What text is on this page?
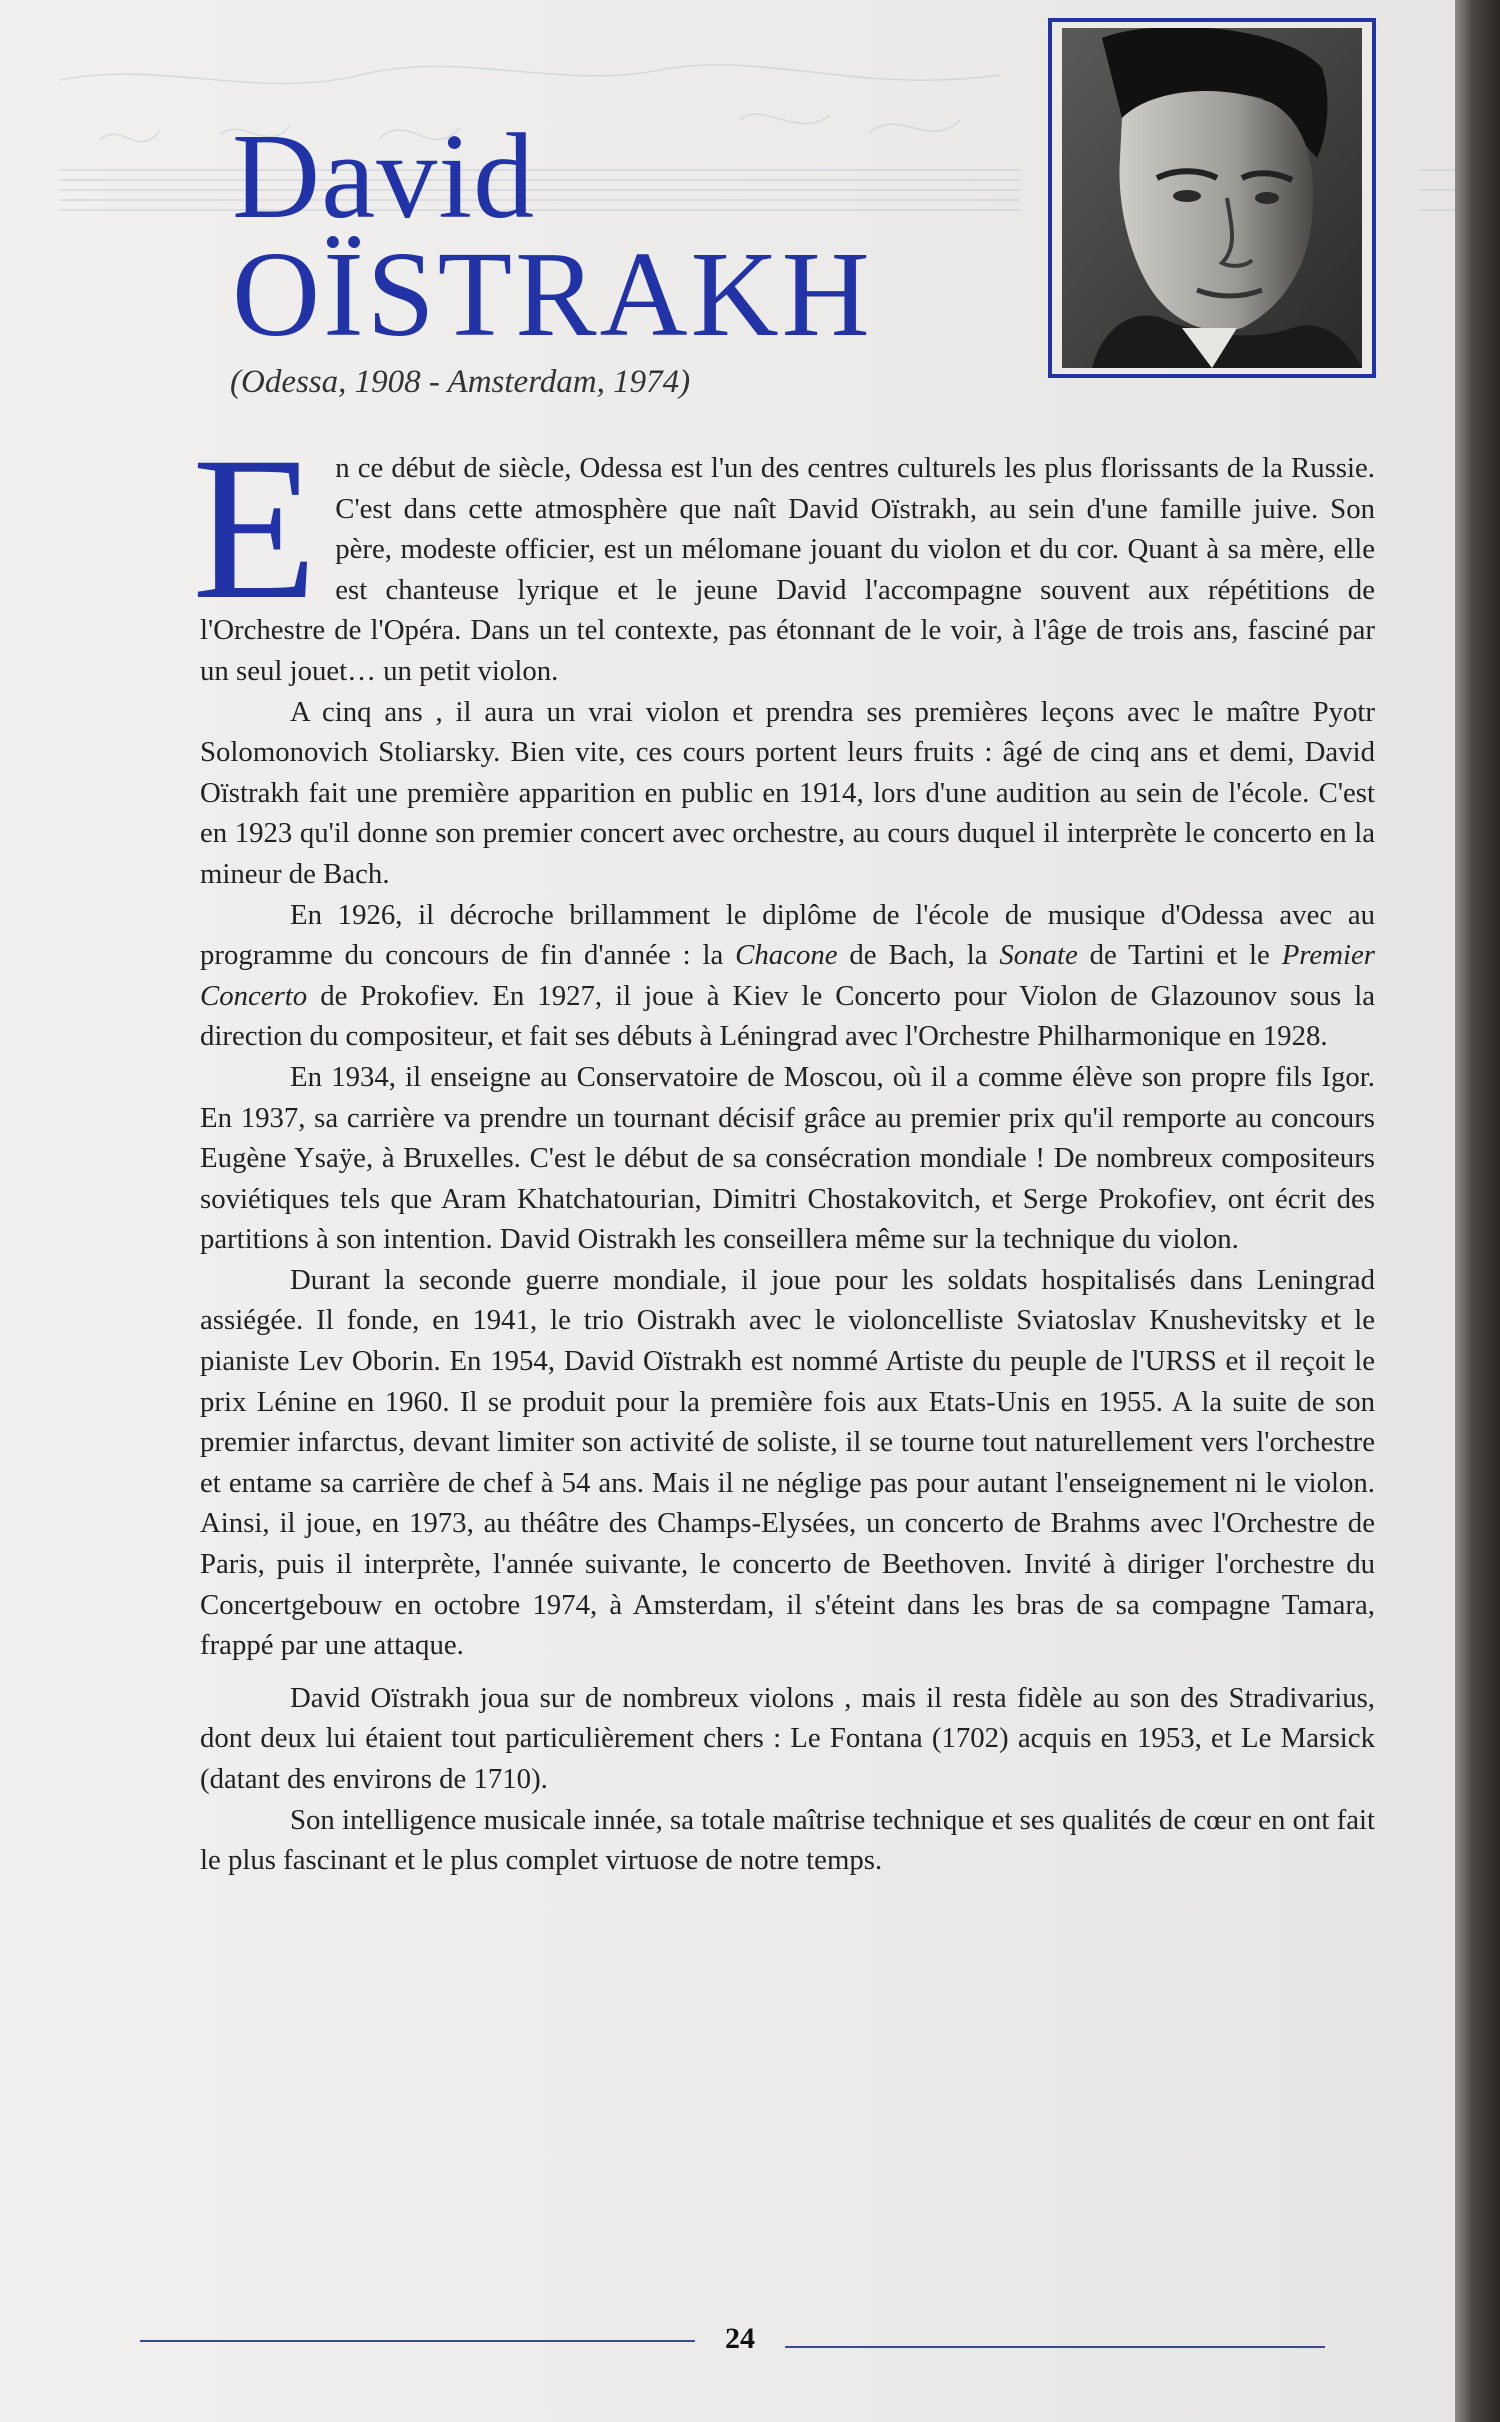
David
OÏSTRAKH

(Odessa, 1908 - Amsterdam, 1974)

En ce début de siècle, Odessa est l'un des centres culturels les plus florissants de la Russie. C'est dans cette atmosphère que naît David Oïstrakh, au sein d'une famille juive. Son père, modeste officier, est un mélomane jouant du violon et du cor. Quant à sa mère, elle est chanteuse lyrique et le jeune David l'accompagne souvent aux répétitions de l'Orchestre de l'Opéra. Dans un tel contexte, pas étonnant de le voir, à l'âge de trois ans, fasciné par un seul jouet… un petit violon.

A cinq ans , il aura un vrai violon et prendra ses premières leçons avec le maître Pyotr Solomonovich Stoliarsky. Bien vite, ces cours portent leurs fruits : âgé de cinq ans et demi, David Oïstrakh fait une première apparition en public en 1914, lors d'une audition au sein de l'école. C'est en 1923 qu'il donne son premier concert avec orchestre, au cours duquel il interprète le concerto en la mineur de Bach.

En 1926, il décroche brillamment le diplôme de l'école de musique d'Odessa avec au programme du concours de fin d'année : la Chacone de Bach, la Sonate de Tartini et le Premier Concerto de Prokofiev. En 1927, il joue à Kiev le Concerto pour Violon de Glazounov sous la direction du compositeur, et fait ses débuts à Léningrad avec l'Orchestre Philharmonique en 1928.

En 1934, il enseigne au Conservatoire de Moscou, où il a comme élève son propre fils Igor. En 1937, sa carrière va prendre un tournant décisif grâce au premier prix qu'il remporte au concours Eugène Ysaÿe, à Bruxelles. C'est le début de sa consécration mondiale ! De nombreux compositeurs soviétiques tels que Aram Khatchatourian, Dimitri Chostakovitch, et Serge Prokofiev, ont écrit des partitions à son intention. David Oistrakh les conseillera même sur la technique du violon.

Durant la seconde guerre mondiale, il joue pour les soldats hospitalisés dans Leningrad assiégée. Il fonde, en 1941, le trio Oistrakh avec le violoncelliste Sviatoslav Knushevitsky et le pianiste Lev Oborin. En 1954, David Oïstrakh est nommé Artiste du peuple de l'URSS et il reçoit le prix Lénine en 1960. Il se produit pour la première fois aux Etats-Unis en 1955. A la suite de son premier infarctus, devant limiter son activité de soliste, il se tourne tout naturellement vers l'orchestre et entame sa carrière de chef à 54 ans. Mais il ne néglige pas pour autant l'enseignement ni le violon. Ainsi, il joue, en 1973, au théâtre des Champs-Elysées, un concerto de Brahms avec l'Orchestre de Paris, puis il interprète, l'année suivante, le concerto de Beethoven. Invité à diriger l'orchestre du Concertgebouw en octobre 1974, à Amsterdam, il s'éteint dans les bras de sa compagne Tamara, frappé par une attaque.

David Oïstrakh joua sur de nombreux violons , mais il resta fidèle au son des Stradivarius, dont deux lui étaient tout particulièrement chers : Le Fontana (1702) acquis en 1953, et Le Marsick (datant des environs de 1710).

Son intelligence musicale innée, sa totale maîtrise technique et ses qualités de cœur en ont fait le plus fascinant et le plus complet virtuose de notre temps.

24
